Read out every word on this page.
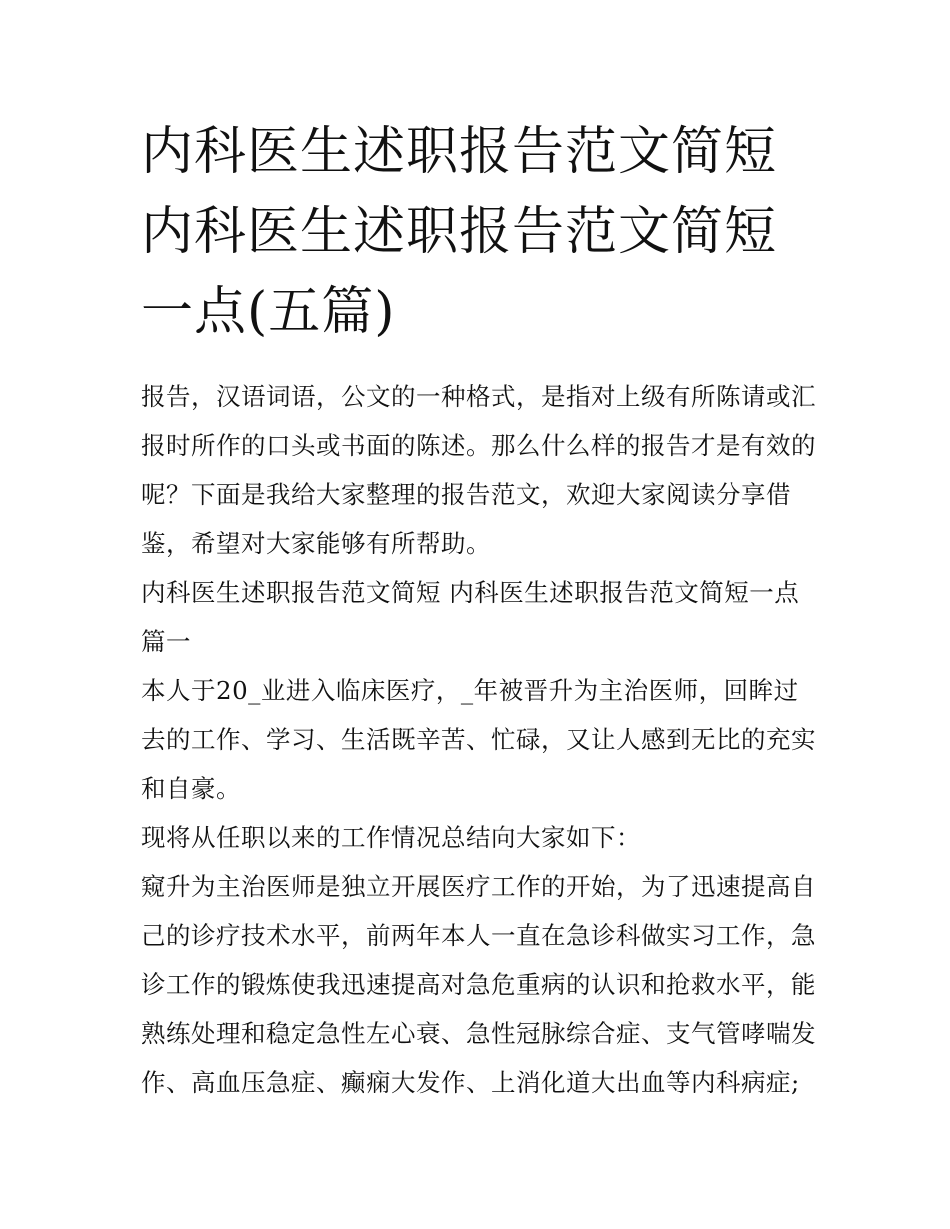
内科医生述职报告范文简短 内科医生述职报告范文简短一点(五篇)

报告，汉语词语，公文的一种格式，是指对上级有所陈请或汇报时所作的口头或书面的陈述。那么什么样的报告才是有效的呢？下面是我给大家整理的报告范文，欢迎大家阅读分享借鉴，希望对大家能够有所帮助。

内科医生述职报告范文简短 内科医生述职报告范文简短一点篇一

本人于20_业进入临床医疗，_年被晋升为主治医师，回眸过去的工作、学习、生活既辛苦、忙碌，又让人感到无比的充实和自豪。

现将从任职以来的工作情况总结向大家如下：

窥升为主治医师是独立开展医疗工作的开始，为了迅速提高自己的诊疗技术水平，前两年本人一直在急诊科做实习工作，急诊工作的锻炼使我迅速提高对急危重病的认识和抢救水平，能熟练处理和稳定急性左心衰、急性冠脉综合症、支气管哮喘发作、高血压急症、癫痫大发作、上消化道大出血等内科病症;
